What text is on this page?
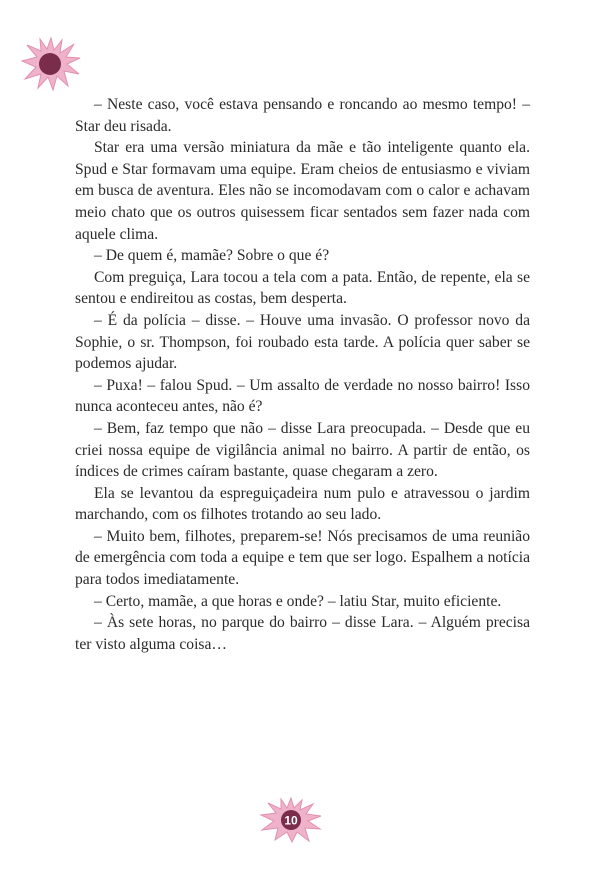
– Neste caso, você estava pensando e roncando ao mesmo tempo! – Star deu risada.

Star era uma versão miniatura da mãe e tão inteligente quanto ela. Spud e Star formavam uma equipe. Eram cheios de entusiasmo e viviam em busca de aventura. Eles não se incomodavam com o calor e achavam meio chato que os outros quisessem ficar sentados sem fazer nada com aquele clima.

– De quem é, mamãe? Sobre o que é?

Com preguiça, Lara tocou a tela com a pata. Então, de repente, ela se sentou e endireitou as costas, bem desperta.

– É da polícia – disse. – Houve uma invasão. O professor novo da Sophie, o sr. Thompson, foi roubado esta tarde. A polícia quer saber se podemos ajudar.

– Puxa! – falou Spud. – Um assalto de verdade no nosso bairro! Isso nunca aconteceu antes, não é?

– Bem, faz tempo que não – disse Lara preocupada. – Desde que eu criei nossa equipe de vigilância animal no bairro. A partir de então, os índices de crimes caíram bastante, quase chegaram a zero.

Ela se levantou da espreguiçadeira num pulo e atravessou o jardim marchando, com os filhotes trotando ao seu lado.

– Muito bem, filhotes, preparem-se! Nós precisamos de uma reunião de emergência com toda a equipe e tem que ser logo. Espalhem a notícia para todos imediatamente.

– Certo, mamãe, a que horas e onde? – latiu Star, muito eficiente.

– Às sete horas, no parque do bairro – disse Lara. – Alguém precisa ter visto alguma coisa…

10
